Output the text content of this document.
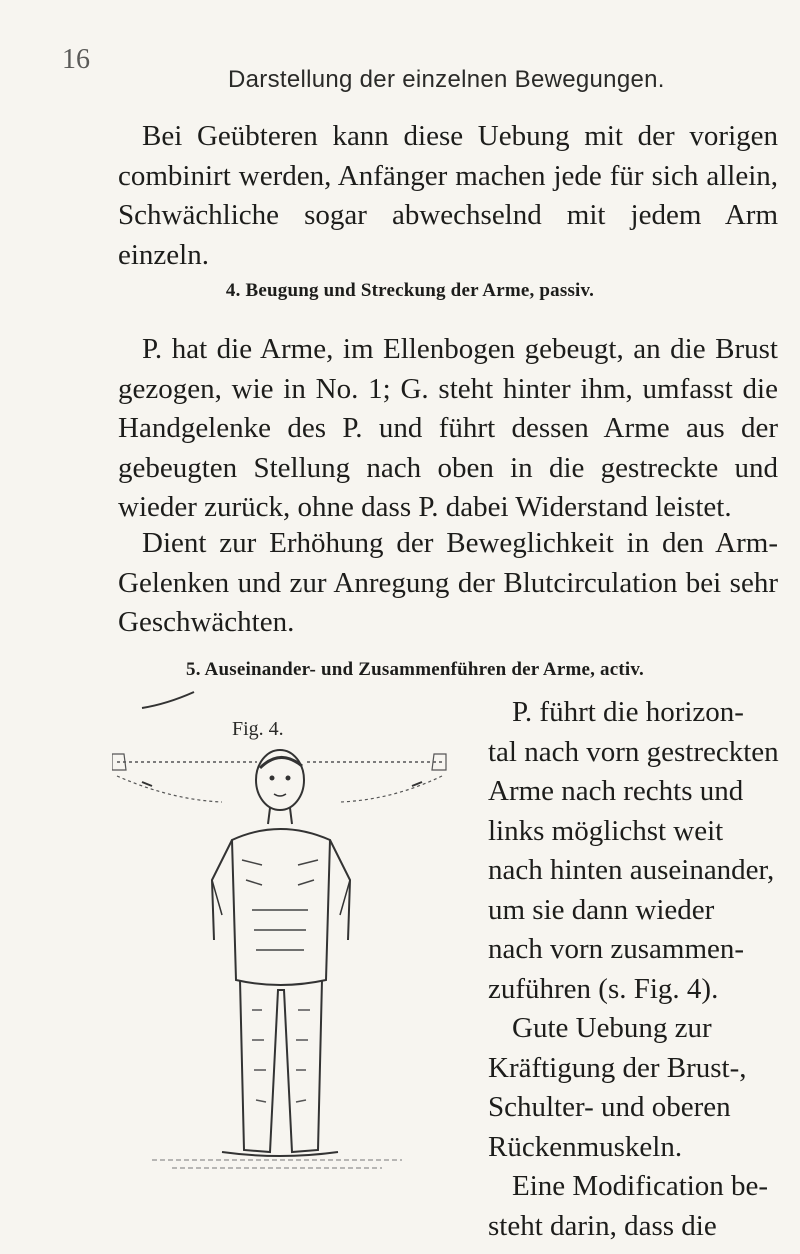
16
Darstellung der einzelnen Bewegungen.

Bei Geübteren kann diese Uebung mit der vorigen combinirt werden, Anfänger machen jede für sich allein, Schwächliche sogar abwechselnd mit jedem Arm einzeln.

4. Beugung und Streckung der Arme, passiv.

P. hat die Arme, im Ellenbogen gebeugt, an die Brust gezogen, wie in No. 1; G. steht hinter ihm, umfasst die Handgelenke des P. und führt dessen Arme aus der gebeugten Stellung nach oben in die gestreckte und wieder zurück, ohne dass P. dabei Widerstand leistet.

Dient zur Erhöhung der Beweglichkeit in den Arm-Gelenken und zur Anregung der Blutcirculation bei sehr Geschwächten.

5. Auseinander- und Zusammenführen der Arme, activ.
Fig. 4.
P. führt die horizon-
tal nach vorn gestreckten
Arme nach rechts und
links möglichst weit
nach hinten auseinander,
um sie dann wieder
nach vorn zusammen-
zuführen (s. Fig. 4).
Gute Uebung zur
Kräftigung der Brust-,
Schulter- und oberen
Rückenmuskeln.
Eine Modification be-
steht darin, dass die
